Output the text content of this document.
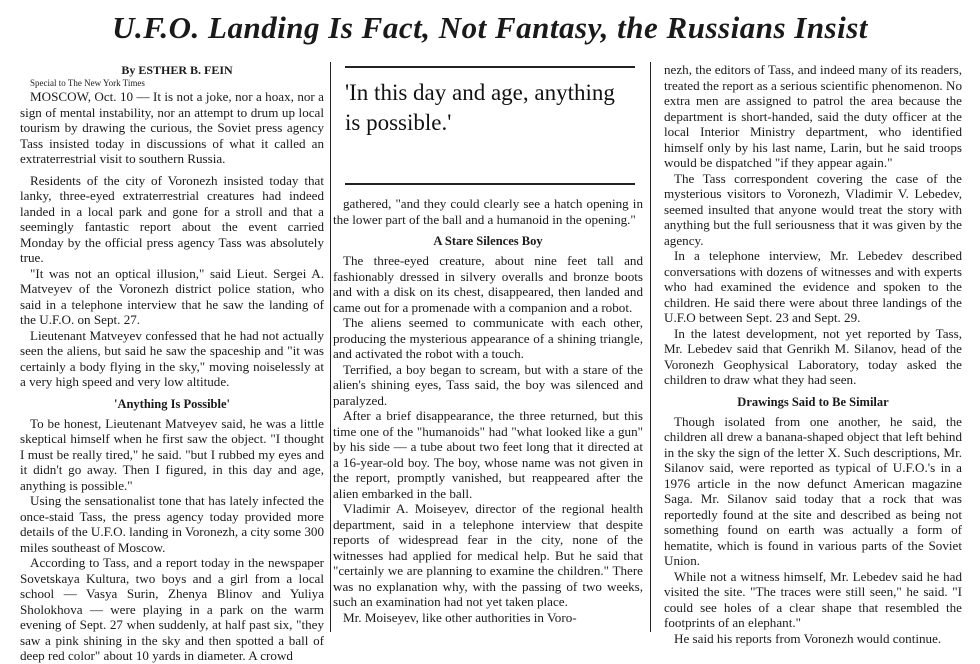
U.F.O. Landing Is Fact, Not Fantasy, the Russians Insist

By ESTHER B. FEIN

Special to The New York Times

MOSCOW, Oct. 10 — It is not a joke, nor a hoax, nor a sign of mental instability, nor an attempt to drum up local tourism by drawing the curious, the Soviet press agency Tass insisted today in discussions of what it called an extraterrestrial visit to southern Russia.

Residents of the city of Voronezh insisted today that lanky, three-eyed extraterrestrial creatures had indeed landed in a local park and gone for a stroll and that a seemingly fantastic report about the event carried Monday by the official press agency Tass was absolutely true.

"It was not an optical illusion," said Lieut. Sergei A. Matveyev of the Voronezh district police station, who said in a telephone interview that he saw the landing of the U.F.O. on Sept. 27.

Lieutenant Matveyev confessed that he had not actually seen the aliens, but said he saw the spaceship and "it was certainly a body flying in the sky," moving noiselessly at a very high speed and very low altitude.

'Anything Is Possible'

To be honest, Lieutenant Matveyev said, he was a little skeptical himself when he first saw the object. "I thought I must be really tired," he said. "but I rubbed my eyes and it didn't go away. Then I figured, in this day and age, anything is possible."

Using the sensationalist tone that has lately infected the once-staid Tass, the press agency today provided more details of the U.F.O. landing in Voronezh, a city some 300 miles southeast of Moscow.

According to Tass, and a report today in the newspaper Sovetskaya Kultura, two boys and a girl from a local school — Vasya Surin, Zhenya Blinov and Yuliya Sholokhova — were playing in a park on the warm evening of Sept. 27 when suddenly, at half past six, "they saw a pink shining in the sky and then spotted a ball of deep red color" about 10 yards in diameter. A crowd

'In this day and age, anything is possible.'

gathered, "and they could clearly see a hatch opening in the lower part of the ball and a humanoid in the opening."

A Stare Silences Boy

The three-eyed creature, about nine feet tall and fashionably dressed in silvery overalls and bronze boots and with a disk on its chest, disappeared, then landed and came out for a promenade with a companion and a robot.

The aliens seemed to communicate with each other, producing the mysterious appearance of a shining triangle, and activated the robot with a touch.

Terrified, a boy began to scream, but with a stare of the alien's shining eyes, Tass said, the boy was silenced and paralyzed.

After a brief disappearance, the three returned, but this time one of the "humanoids" had "what looked like a gun" by his side — a tube about two feet long that it directed at a 16-year-old boy. The boy, whose name was not given in the report, promptly vanished, but reappeared after the alien embarked in the ball.

Vladimir A. Moiseyev, director of the regional health department, said in a telephone interview that despite reports of widespread fear in the city, none of the witnesses had applied for medical help. But he said that "certainly we are planning to examine the children." There was no explanation why, with the passing of two weeks, such an examination had not yet taken place.

Mr. Moiseyev, like other authorities in Voro-

nezh, the editors of Tass, and indeed many of its readers, treated the report as a serious scientific phenomenon. No extra men are assigned to patrol the area because the department is short-handed, said the duty officer at the local Interior Ministry department, who identified himself only by his last name, Larin, but he said troops would be dispatched "if they appear again."

The Tass correspondent covering the case of the mysterious visitors to Voronezh, Vladimir V. Lebedev, seemed insulted that anyone would treat the story with anything but the full seriousness that it was given by the agency.

In a telephone interview, Mr. Lebedev described conversations with dozens of witnesses and with experts who had examined the evidence and spoken to the children. He said there were about three landings of the U.F.O between Sept. 23 and Sept. 29.

In the latest development, not yet reported by Tass, Mr. Lebedev said that Genrikh M. Silanov, head of the Voronezh Geophysical Laboratory, today asked the children to draw what they had seen.

Drawings Said to Be Similar

Though isolated from one another, he said, the children all drew a banana-shaped object that left behind in the sky the sign of the letter X. Such descriptions, Mr. Silanov said, were reported as typical of U.F.O.'s in a 1976 article in the now defunct American magazine Saga. Mr. Silanov said today that a rock that was reportedly found at the site and described as being not something found on earth was actually a form of hematite, which is found in various parts of the Soviet Union.

While not a witness himself, Mr. Lebedev said he had visited the site. "The traces were still seen," he said. "I could see holes of a clear shape that resembled the footprints of an elephant."

He said his reports from Voronezh would continue.
